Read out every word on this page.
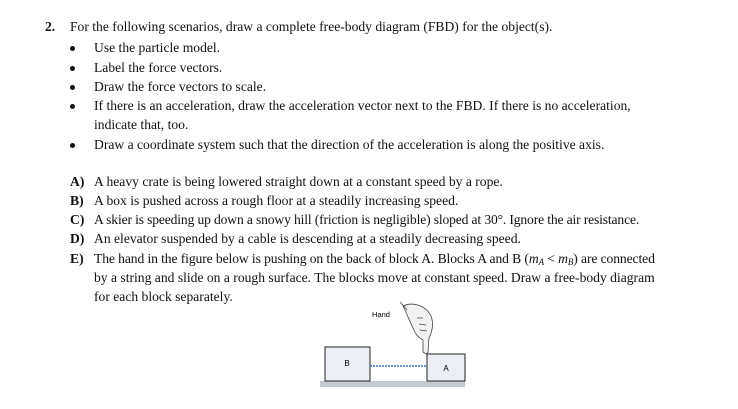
2. For the following scenarios, draw a complete free-body diagram (FBD) for the object(s).
Use the particle model.
Label the force vectors.
Draw the force vectors to scale.
If there is an acceleration, draw the acceleration vector next to the FBD. If there is no acceleration,
indicate that, too.
Draw a coordinate system such that the direction of the acceleration is along the positive axis.
A) A heavy crate is being lowered straight down at a constant speed by a rope.
B) A box is pushed across a rough floor at a steadily increasing speed.
C) A skier is speeding up down a snowy hill (friction is negligible) sloped at 30°. Ignore the air resistance.
D) An elevator suspended by a cable is descending at a steadily decreasing speed.
E) The hand in the figure below is pushing on the back of block A. Blocks A and B $(m_A < m_B)$ are connected
by a string and slide on a rough surface. The blocks move at constant speed. Draw a free-body diagram
for each block separately.
B
A
Hand
